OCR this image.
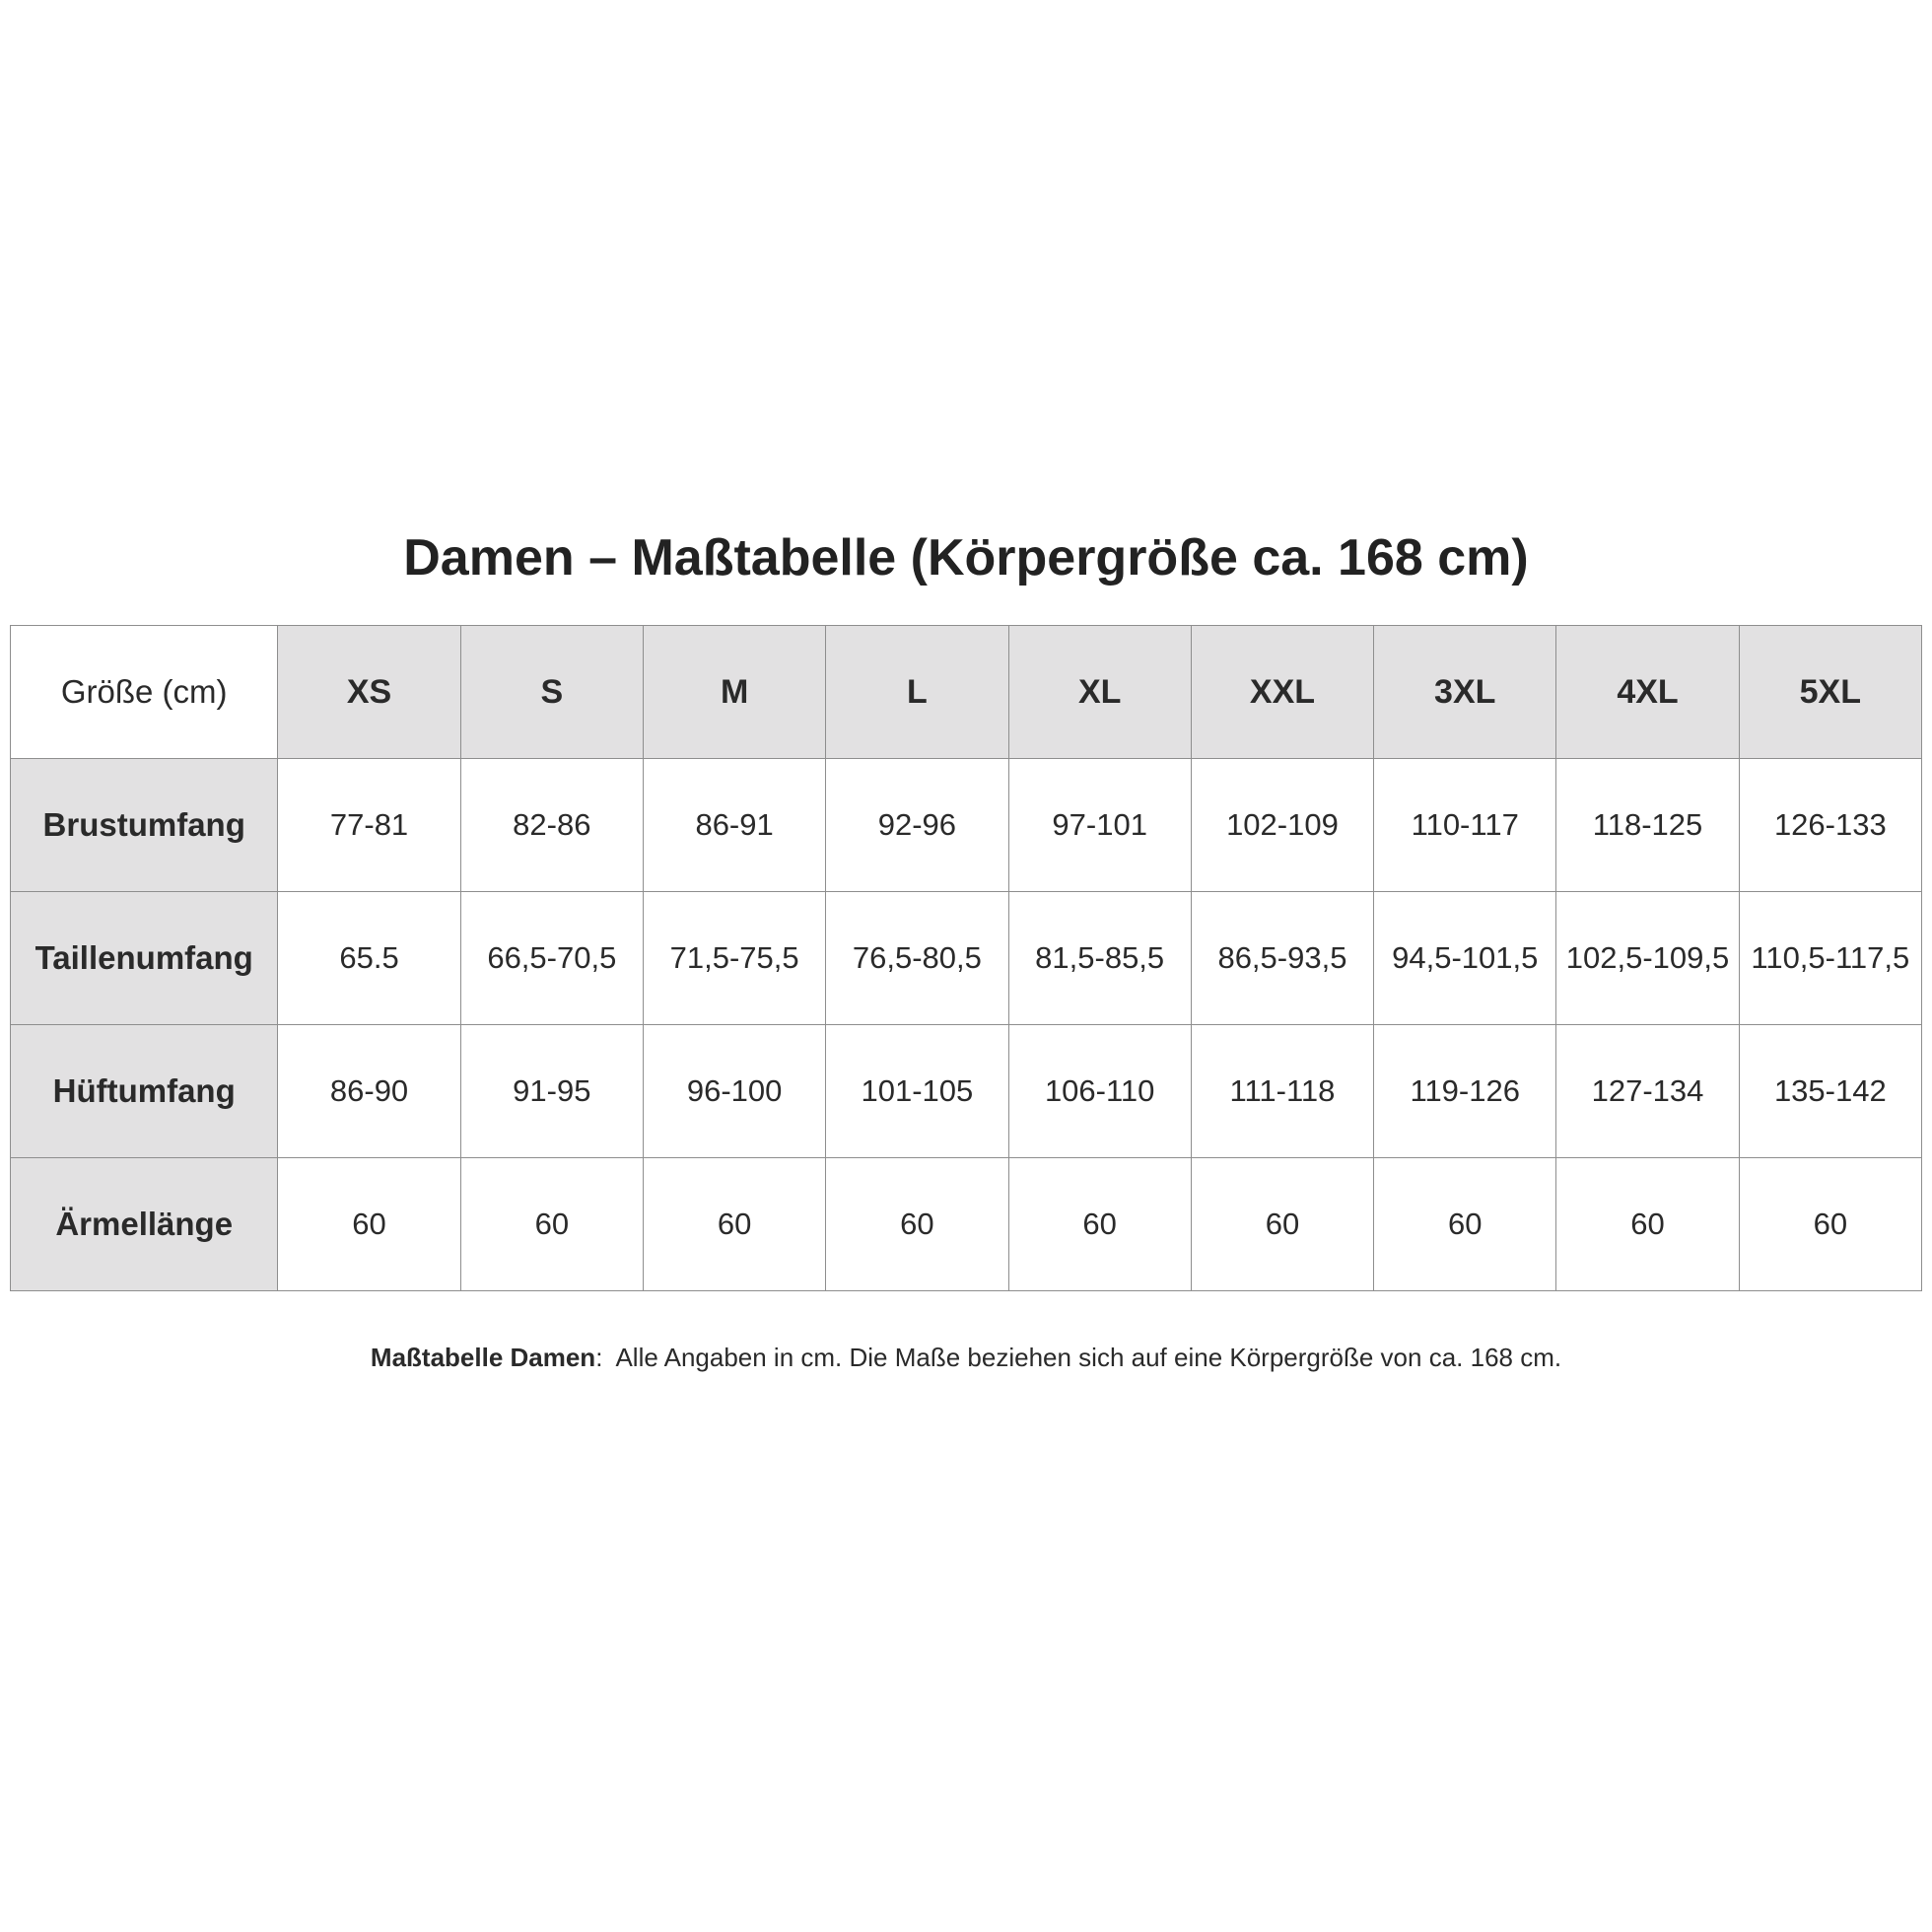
Damen – Maßtabelle (Körpergröße ca. 168 cm)
Größe (cm)	XS	S	M	L	XL	XXL	3XL	4XL	5XL
Brustumfang	77-81	82-86	86-91	92-96	97-101	102-109	110-117	118-125	126-133
Taillenumfang	65.5	66,5-70,5	71,5-75,5	76,5-80,5	81,5-85,5	86,5-93,5	94,5-101,5	102,5-109,5	110,5-117,5
Hüftumfang	86-90	91-95	96-100	101-105	106-110	111-118	119-126	127-134	135-142
Ärmellänge	60	60	60	60	60	60	60	60	60
Maßtabelle Damen:  Alle Angaben in cm. Die Maße beziehen sich auf eine Körpergröße von ca. 168 cm.
